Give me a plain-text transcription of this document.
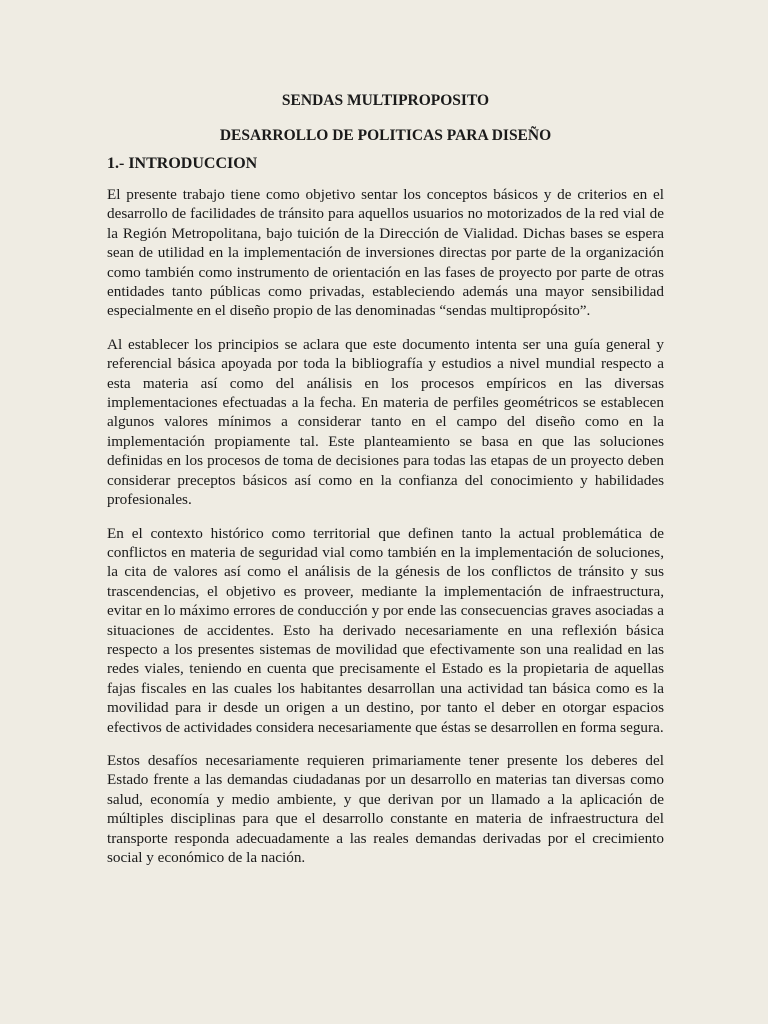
SENDAS MULTIPROPOSITO

DESARROLLO DE POLITICAS PARA DISEÑO

1.- INTRODUCCION

El presente trabajo tiene como objetivo sentar los conceptos básicos y de criterios en el desarrollo de facilidades de tránsito para aquellos usuarios no motorizados de la red vial de la Región Metropolitana, bajo tuición de la Dirección de Vialidad. Dichas bases se espera sean de utilidad en la implementación de inversiones directas por parte de la organización como también como instrumento de orientación en las fases de proyecto por parte de otras entidades tanto públicas como privadas, estableciendo además una mayor sensibilidad especialmente en el diseño propio de las denominadas “sendas multipropósito”.

Al establecer los principios se aclara que este documento intenta ser una guía general y referencial básica apoyada por toda la bibliografía y estudios a nivel mundial respecto a esta materia así como del análisis en los procesos empíricos en las diversas implementaciones efectuadas a la fecha. En materia de perfiles geométricos se establecen algunos valores mínimos a considerar tanto en el campo del diseño como en la implementación propiamente tal. Este planteamiento se basa en que las soluciones definidas en los procesos de toma de decisiones para todas las etapas de un proyecto deben considerar preceptos básicos así como en la confianza del conocimiento y habilidades profesionales.

En el contexto histórico como territorial que definen tanto la actual problemática de conflictos en materia de seguridad vial como también en la implementación de soluciones, la cita de valores así como el análisis de la génesis de los conflictos de tránsito y sus trascendencias, el objetivo es proveer, mediante la implementación de infraestructura, evitar en lo máximo errores de conducción y por ende las consecuencias graves asociadas a situaciones de accidentes. Esto ha derivado necesariamente en una reflexión básica respecto a los presentes sistemas de movilidad que efectivamente son una realidad en las redes viales, teniendo en cuenta que precisamente el Estado es la propietaria de aquellas fajas fiscales en las cuales los habitantes desarrollan una actividad tan básica como es la movilidad para ir desde un origen a un destino, por tanto el deber en otorgar espacios efectivos de actividades considera necesariamente que éstas se desarrollen en forma segura.

Estos desafíos necesariamente requieren primariamente tener presente los deberes del Estado frente a las demandas ciudadanas por un desarrollo en materias tan diversas como salud, economía y medio ambiente, y que derivan por un llamado a la aplicación de múltiples disciplinas para que el desarrollo constante en materia de infraestructura del transporte responda adecuadamente a las reales demandas derivadas por el crecimiento social y económico de la nación.
